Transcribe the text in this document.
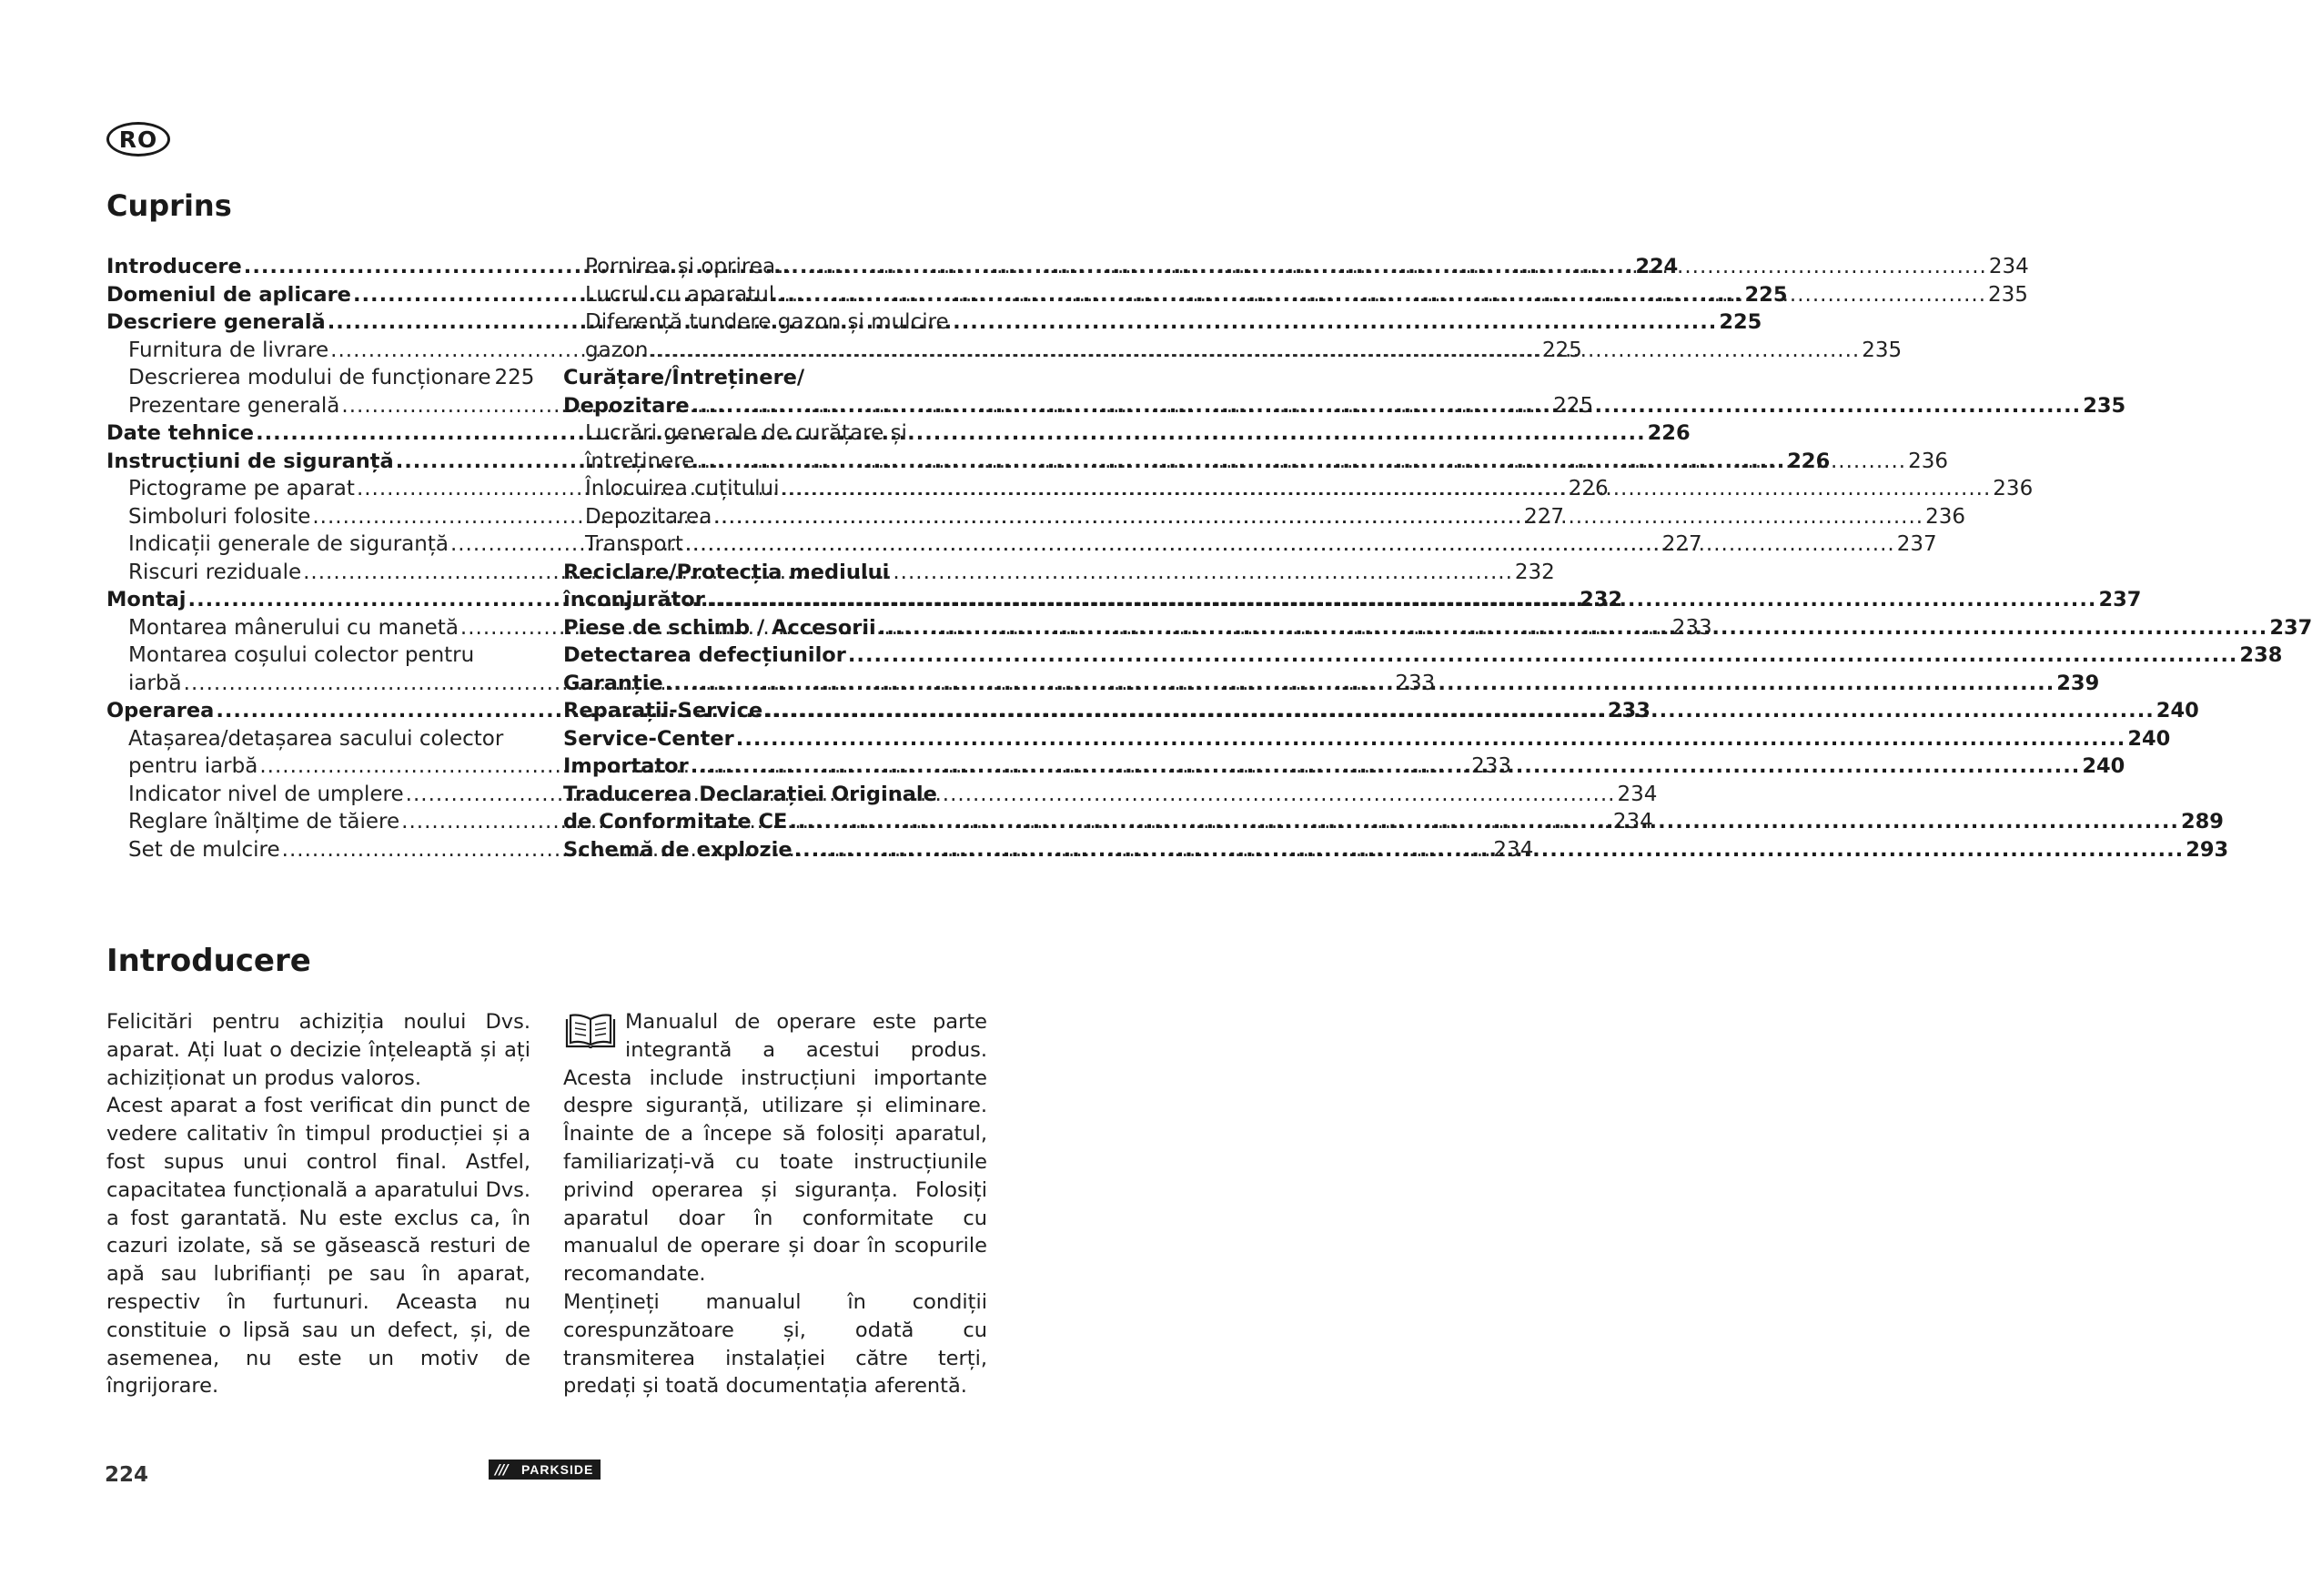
RO
Cuprins
Introducere .....	224
Domeniul de aplicare .....	225
Descriere generală .....	225
Furnitura de livrare .....	225
Descrierea modului de funcționare 225
Prezentare generală .....	225
Date tehnice .....	226
Instrucțiuni de siguranță .....	226
Pictograme pe aparat .....	226
Simboluri folosite .....	227
Indicații generale de siguranță .....	227
Riscuri reziduale .....	232
Montaj .....	232
Montarea mânerului cu manetă .....	233
Montarea coșului colector pentru
iarbă .....	233
Operarea .....	233
Atașarea/detașarea sacului colector
pentru iarbă .....	233
Indicator nivel de umplere .....	234
Reglare înălțime de tăiere .....	234
Set de mulcire .....	234
Pornirea și oprirea .....	234
Lucrul cu aparatul .....	235
Diferență tundere gazon și mulcire
gazon .....	235
Curățare/Întreținere/
Depozitare .....	235
Lucrări generale de curățare și
întreținere .....	236
Înlocuirea cuțitului .....	236
Depozitarea .....	236
Transport .....	237
Reciclare/Protecția mediului
înconjurător .....	237
Piese de schimb / Accesorii .....	237
Detectarea defecțiunilor .....	238
Garanție .....	239
Reparații-Service .....	240
Service-Center .....	240
Importator .....	240
Traducerea Declarației Originale
de Conformitate CE .....	289
Schemă de explozie .....	293
Introducere

Felicitări pentru achiziția noului Dvs. aparat. Ați luat o decizie înțeleaptă și ați achiziționat un produs valoros.

Acest aparat a fost verificat din punct de vedere calitativ în timpul producției și a fost supus unui control final. Astfel, capacitatea funcțională a aparatului Dvs. a fost garantată. Nu este exclus ca, în cazuri izolate, să se găsească resturi de apă sau lubrifianți pe sau în aparat, respectiv în furtunuri. Aceasta nu constituie o lipsă sau un defect, și, de asemenea, nu este un motiv de îngrijorare.

Manualul de operare este parte integrantă a acestui produs. Acesta include instrucțiuni importante despre siguranță, utilizare și eliminare. Înainte de a începe să folosiți aparatul, familiarizați-vă cu toate instrucțiunile privind operarea și siguranța. Folosiți aparatul doar în conformitate cu manualul de operare și doar în scopurile recomandate.

Mențineți manualul în condiții corespunzătoare și, odată cu transmiterea instalației către terți, predați și toată documentația aferentă.

224	///	PARKSIDE
